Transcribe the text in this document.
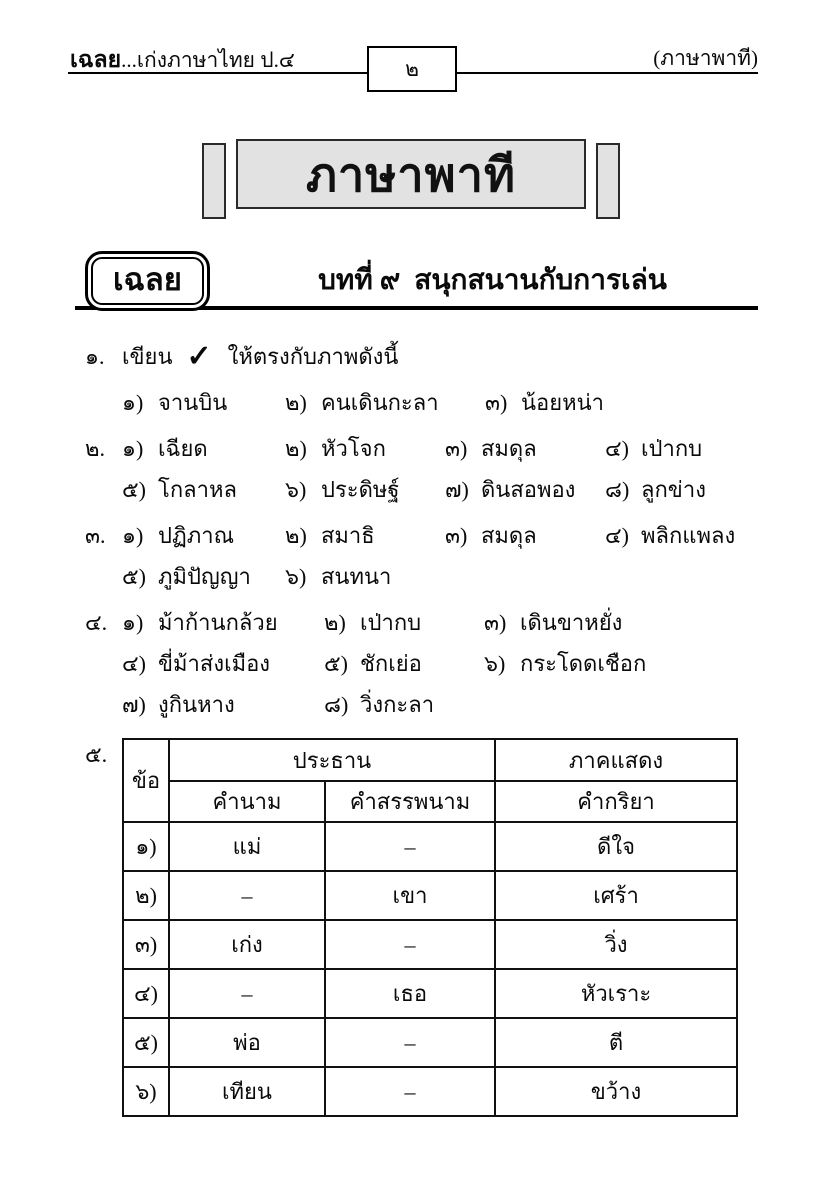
เฉลย...เก่งภาษาไทย ป.๔	๒	(ภาษาพาที)
ภาษาพาที
เฉลย	บทที่ ๙  สนุกสนานกับการเล่น
๑. เขียน ✓ ให้ตรงกับภาพดังนี้
๑) จานบิน	๒) คนเดินกะลา ๓) น้อยหน่า
๒. ๑) เฉียด	๒) หัวโจก	๓) สมดุล	๔) เป่ากบ
๕) โกลาหล ๖) ประดิษฐ์ ๗) ดินสอพอง ๘) ลูกข่าง
๓. ๑) ปฏิภาณ ๒) สมาธิ	๓) สมดุล	๔) พลิกแพลง
๕) ภูมิปัญญา ๖) สนทนา
๔. ๑) ม้าก้านกล้วย ๒) เป่ากบ	๓) เดินขาหยั่ง
๔) ขี่ม้าส่งเมือง ๕) ชักเย่อ	๖) กระโดดเชือก
๗) งูกินหาง	๘) วิ่งกะลา
๕.
ข้อ	ประธาน		ภาคแสดง
	คำนาม	คำสรรพนาม	คำกริยา
๑)	แม่	–	ดีใจ
๒)	–	เขา	เศร้า
๓)	เก่ง	–	วิ่ง
๔)	–	เธอ	หัวเราะ
๕)	พ่อ	–	ตี
๖)	เทียน	–	ขว้าง
